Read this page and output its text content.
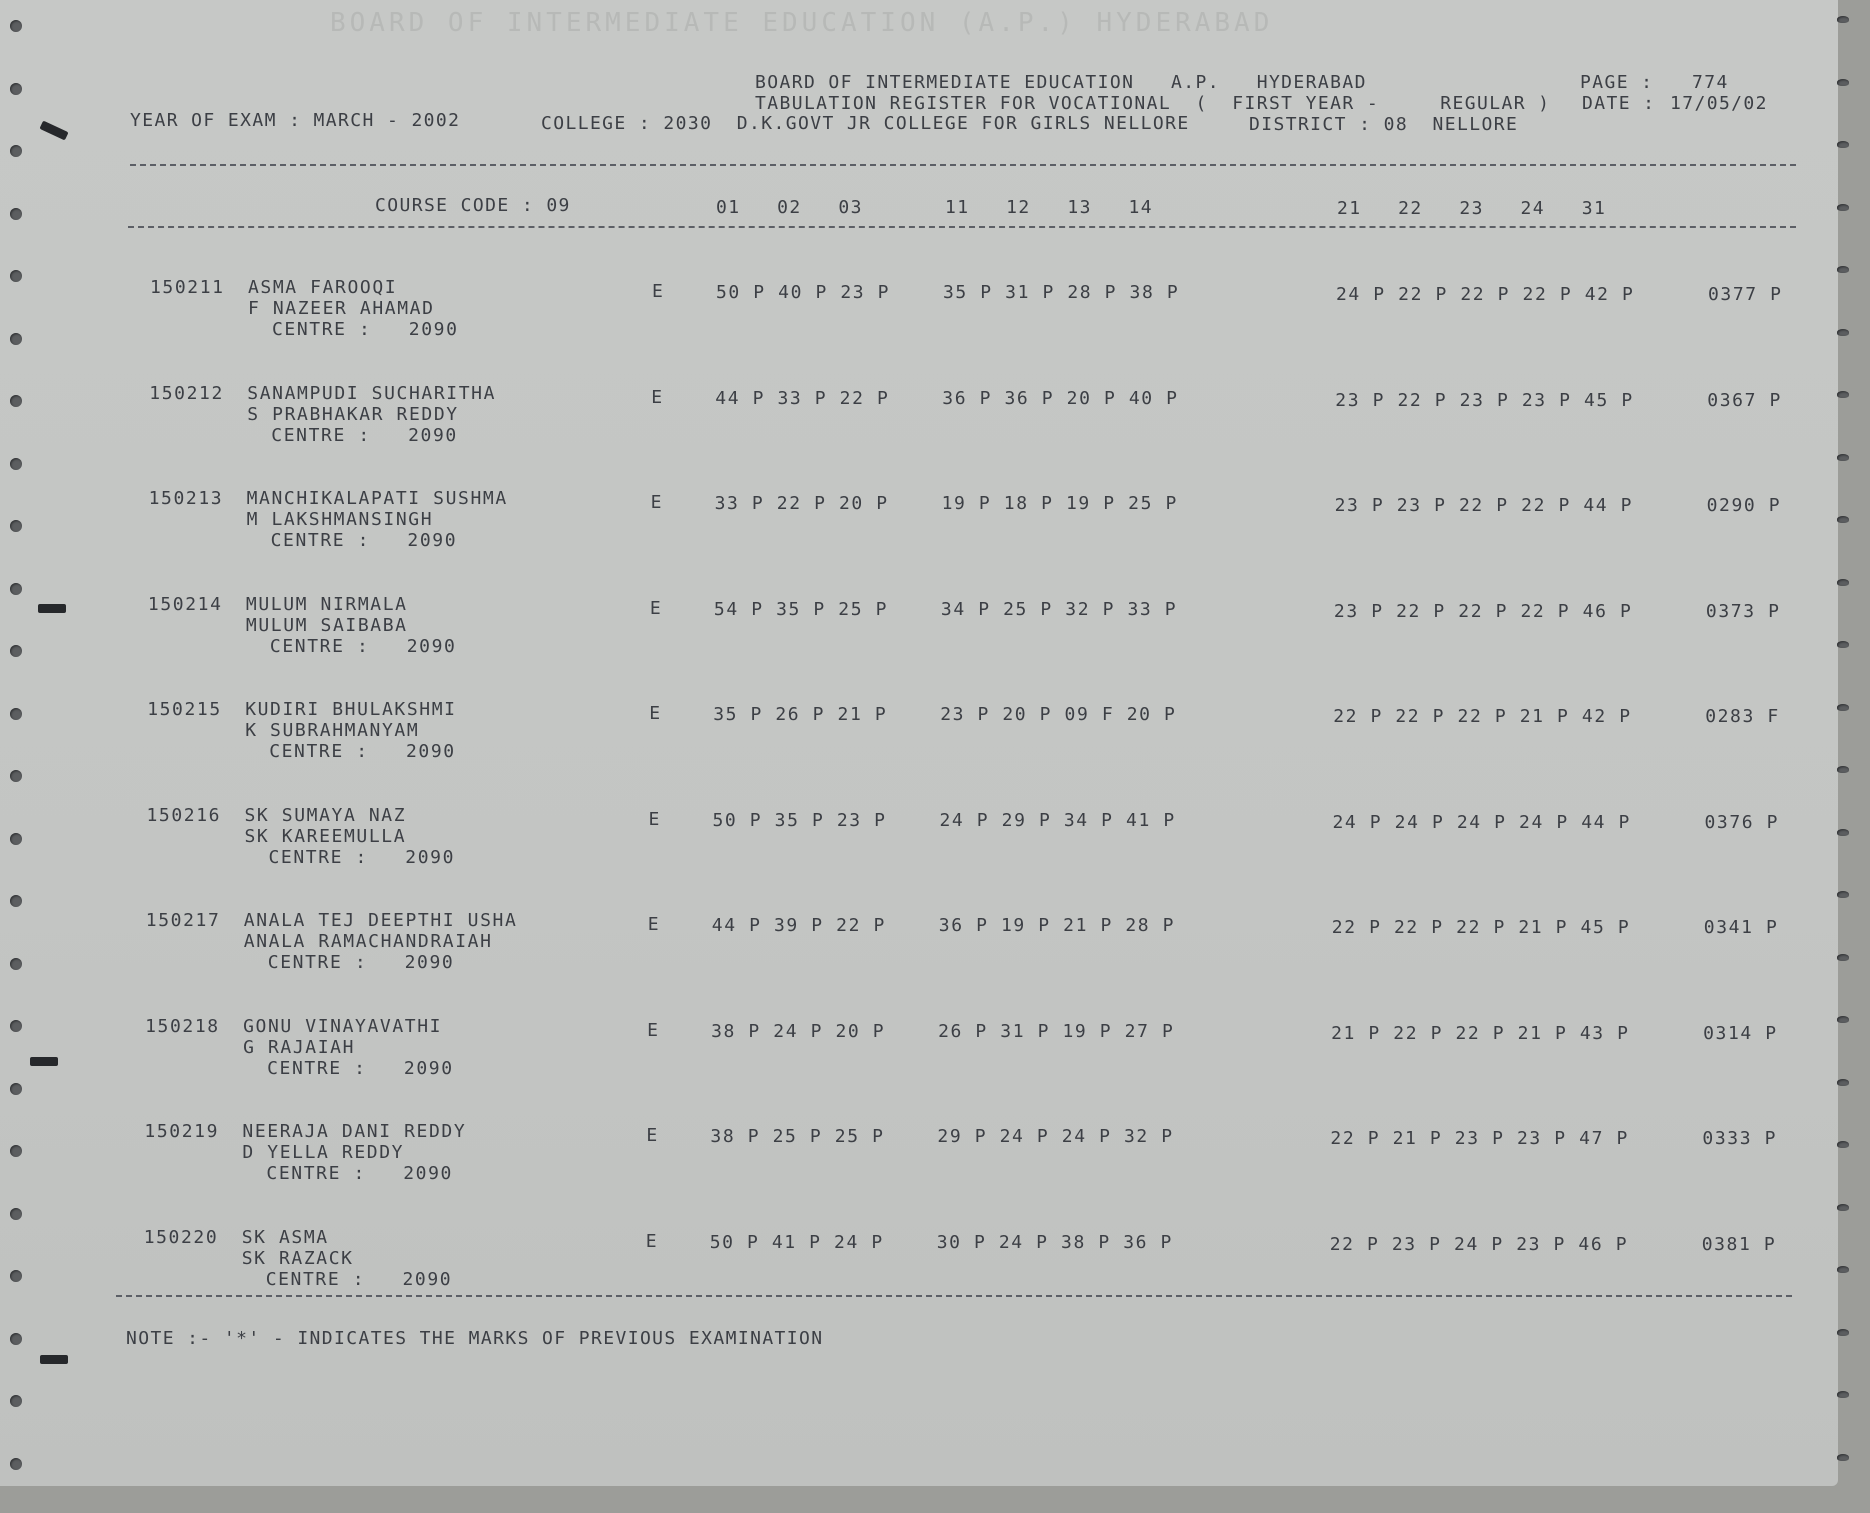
BOARD OF INTERMEDIATE EDUCATION (A.P.) HYDERABAD
BOARD OF INTERMEDIATE EDUCATION   A.P.   HYDERABAD	PAGE : 774
TABULATION REGISTER FOR VOCATIONAL  (  FIRST YEAR -     REGULAR ) DATE : 17/05/02
YEAR OF EXAM : MARCH - 2002	COLLEGE : 2030  D.K.GOVT JR COLLEGE FOR GIRLS NELLORE	DISTRICT : 08  NELLORE
COURSE CODE : 09	01   02   03	11   12   13   14	21   22   23   24   31
150211 ASMA FAROOQI
F NAZEER AHAMAD
CENTRE :   2090
E	50 P 40 P 23 P	35 P 31 P 28 P 38 P	24 P 22 P 22 P 22 P 42 P	0377 P
150212 SANAMPUDI SUCHARITHA
S PRABHAKAR REDDY
CENTRE :   2090
E	44 P 33 P 22 P	36 P 36 P 20 P 40 P	23 P 22 P 23 P 23 P 45 P	0367 P
150213 MANCHIKALAPATI SUSHMA
M LAKSHMANSINGH
CENTRE :   2090
E	33 P 22 P 20 P	19 P 18 P 19 P 25 P	23 P 23 P 22 P 22 P 44 P	0290 P
150214 MULUM NIRMALA
MULUM SAIBABA
CENTRE :   2090
E	54 P 35 P 25 P	34 P 25 P 32 P 33 P	23 P 22 P 22 P 22 P 46 P	0373 P
150215 KUDIRI BHULAKSHMI
K SUBRAHMANYAM
CENTRE :   2090
E	35 P 26 P 21 P	23 P 20 P 09 F 20 P	22 P 22 P 22 P 21 P 42 P	0283 F
150216 SK SUMAYA NAZ
SK KAREEMULLA
CENTRE :   2090
E	50 P 35 P 23 P	24 P 29 P 34 P 41 P	24 P 24 P 24 P 24 P 44 P	0376 P
150217 ANALA TEJ DEEPTHI USHA
ANALA RAMACHANDRAIAH
CENTRE :   2090
E	44 P 39 P 22 P	36 P 19 P 21 P 28 P	22 P 22 P 22 P 21 P 45 P	0341 P
150218 GONU VINAYAVATHI
G RAJAIAH
CENTRE :   2090
E	38 P 24 P 20 P	26 P 31 P 19 P 27 P	21 P 22 P 22 P 21 P 43 P	0314 P
150219 NEERAJA DANI REDDY
D YELLA REDDY
CENTRE :   2090
E	38 P 25 P 25 P	29 P 24 P 24 P 32 P	22 P 21 P 23 P 23 P 47 P	0333 P
150220 SK ASMA
SK RAZACK
CENTRE :   2090
E	50 P 41 P 24 P	30 P 24 P 38 P 36 P	22 P 23 P 24 P 23 P 46 P	0381 P
NOTE :- '*' - INDICATES THE MARKS OF PREVIOUS EXAMINATION
